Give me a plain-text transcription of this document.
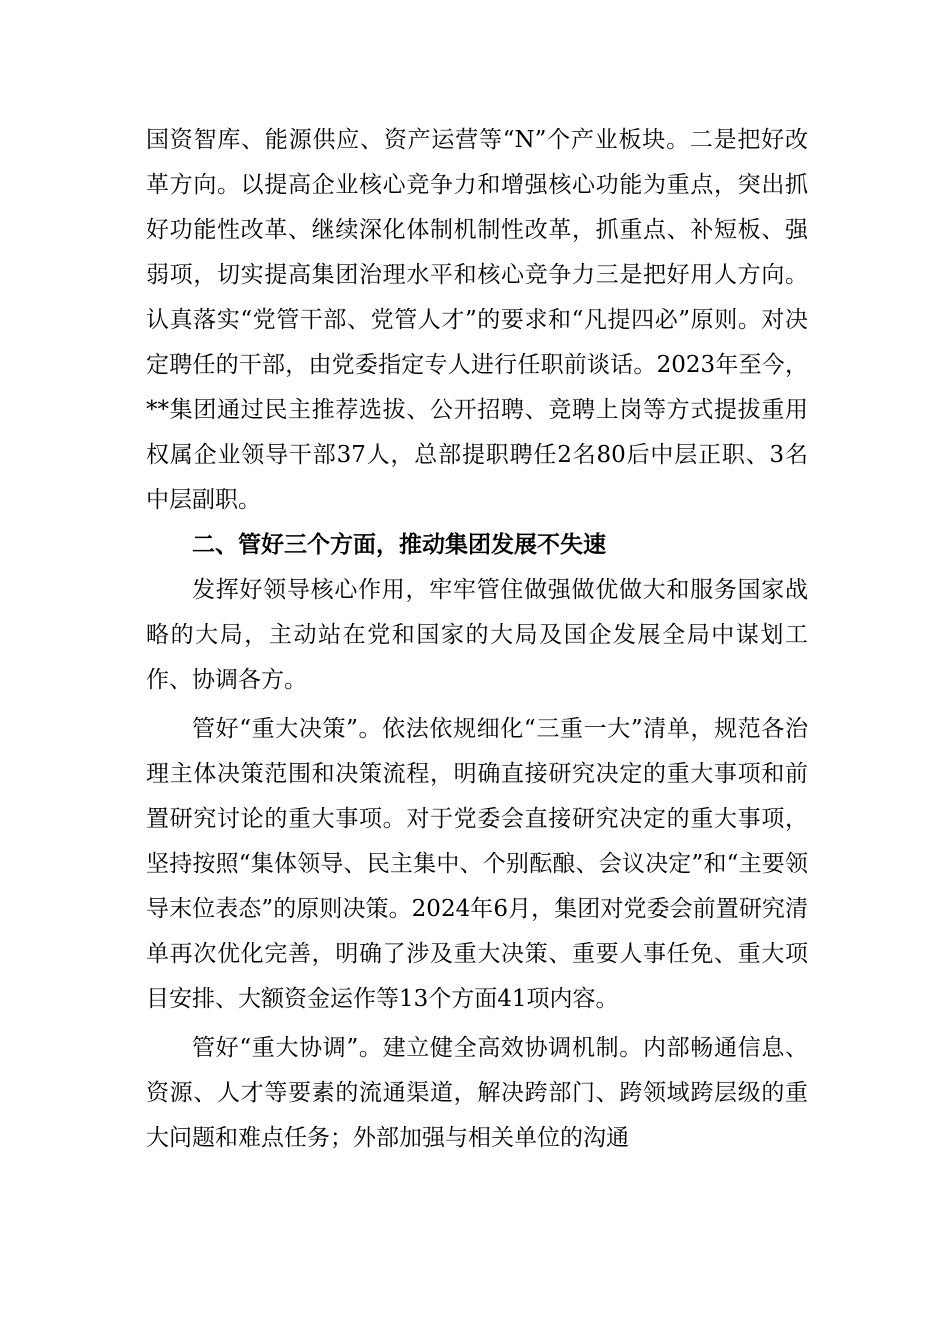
国资智库、能源供应、资产运营等“N”个产业板块。二是把好改革方向。以提高企业核心竞争力和增强核心功能为重点，突出抓好功能性改革、继续深化体制机制性改革，抓重点、补短板、强弱项，切实提高集团治理水平和核心竞争力三是把好用人方向。认真落实“党管干部、党管人才”的要求和“凡提四必”原则。对决定聘任的干部，由党委指定专人进行任职前谈话。2023年至今，**集团通过民主推荐选拔、公开招聘、竞聘上岗等方式提拔重用权属企业领导干部37人，总部提职聘任2名80后中层正职、3名中层副职。

二、管好三个方面，推动集团发展不失速

发挥好领导核心作用，牢牢管住做强做优做大和服务国家战略的大局，主动站在党和国家的大局及国企发展全局中谋划工作、协调各方。

管好“重大决策”。依法依规细化“三重一大”清单，规范各治理主体决策范围和决策流程，明确直接研究决定的重大事项和前置研究讨论的重大事项。对于党委会直接研究决定的重大事项，坚持按照“集体领导、民主集中、个别酝酿、会议决定”和“主要领导末位表态”的原则决策。2024年6月，集团对党委会前置研究清单再次优化完善，明确了涉及重大决策、重要人事任免、重大项目安排、大额资金运作等13个方面41项内容。

管好“重大协调”。建立健全高效协调机制。内部畅通信息、资源、人才等要素的流通渠道，解决跨部门、跨领域跨层级的重大问题和难点任务；外部加强与相关单位的沟通
